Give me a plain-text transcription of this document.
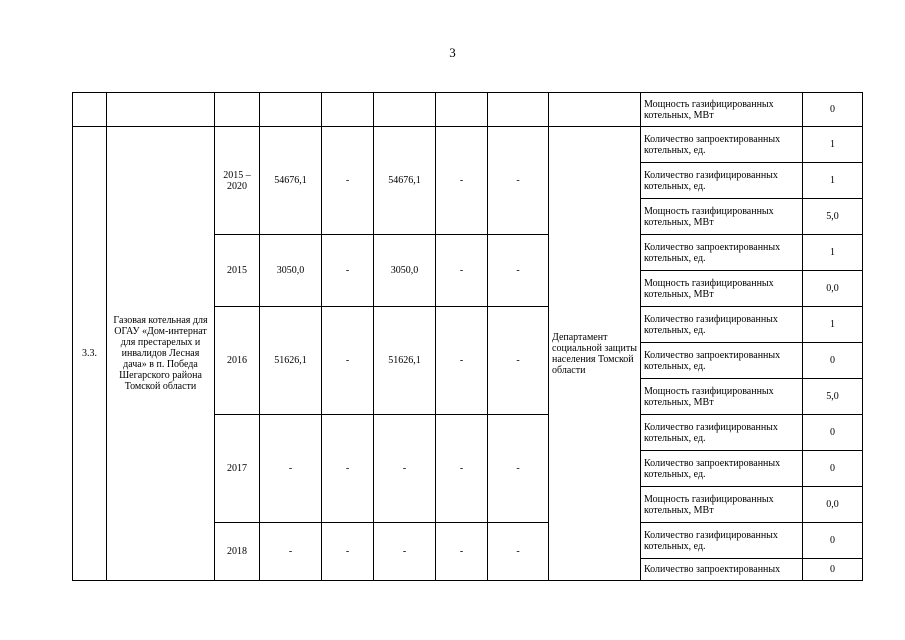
3
									Мощность газифицированных котельных, МВт	0
3.3.	Газовая котельная для ОГАУ «Дом-интернат для престарелых и инвалидов Лесная дача» в п. Победа Шегарского района Томской области	2015 – 2020	54676,1	-	54676,1	-	-	Департамент социальной защиты населения Томской области	Количество запроектированных котельных, ед.	1
									Количество газифицированных котельных, ед.	1
									Мощность газифицированных котельных, МВт	5,0
		2015	3050,0	-	3050,0	-	-		Количество запроектированных котельных, ед.	1
									Мощность газифицированных котельных, МВт	0,0
		2016	51626,1	-	51626,1	-	-		Количество газифицированных котельных, ед.	1
									Количество запроектированных котельных, ед.	0
									Мощность газифицированных котельных, МВт	5,0
		2017	-	-	-	-	-		Количество газифицированных котельных, ед.	0
									Количество запроектированных котельных, ед.	0
									Мощность газифицированных котельных, МВт	0,0
		2018	-	-	-	-	-		Количество газифицированных котельных, ед.	0
									Количество запроектированных	0
